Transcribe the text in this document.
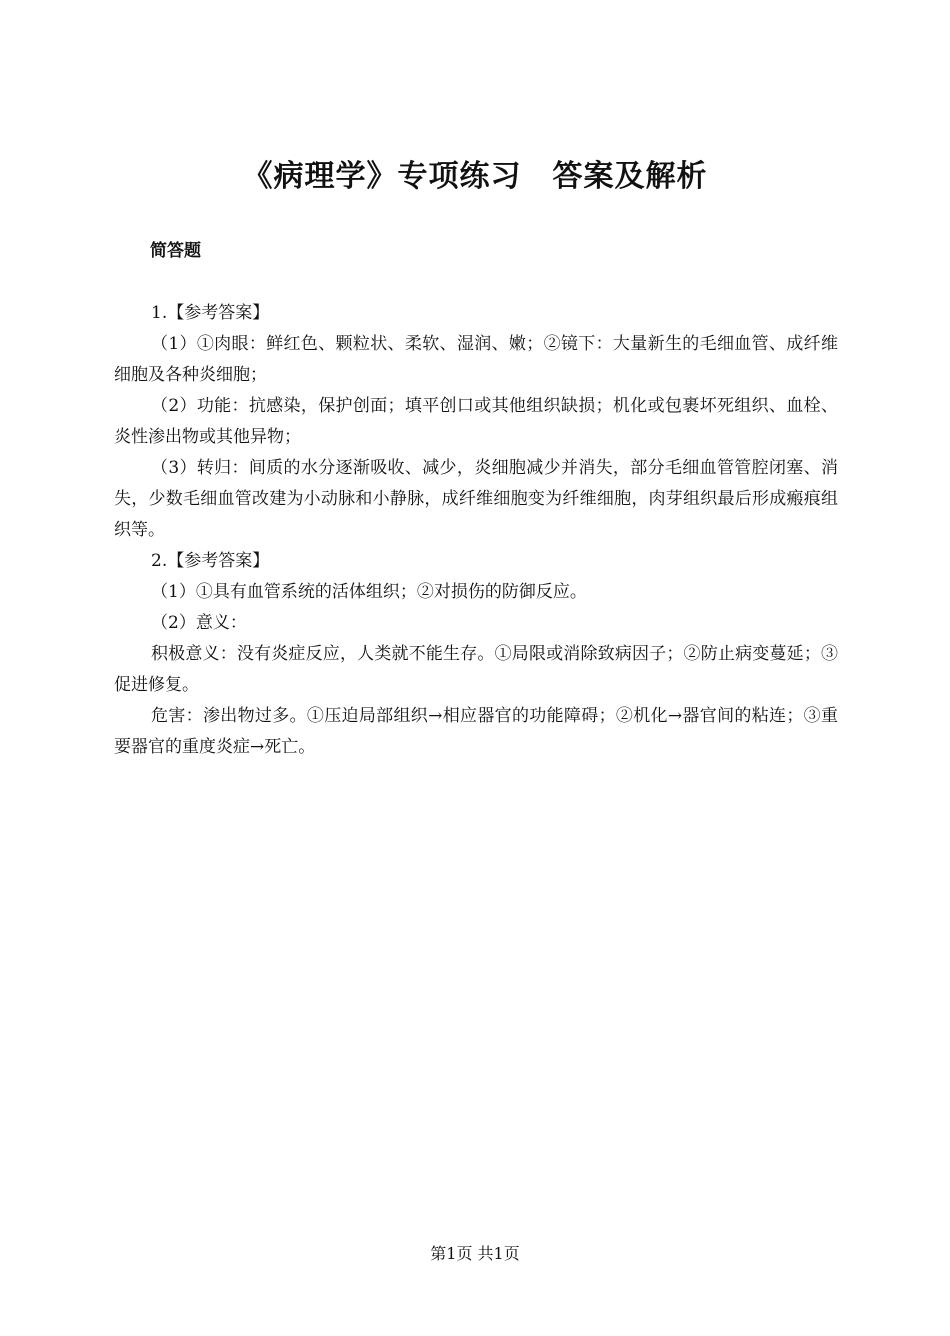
《病理学》专项练习　答案及解析
简答题

1.【参考答案】

（1）①肉眼：鲜红色、颗粒状、柔软、湿润、嫩；②镜下：大量新生的毛细血管、成纤维细胞及各种炎细胞；

（2）功能：抗感染，保护创面；填平创口或其他组织缺损；机化或包裹坏死组织、血栓、炎性渗出物或其他异物；

（3）转归：间质的水分逐渐吸收、减少，炎细胞减少并消失，部分毛细血管管腔闭塞、消失，少数毛细血管改建为小动脉和小静脉，成纤维细胞变为纤维细胞，肉芽组织最后形成瘢痕组织等。

2.【参考答案】

（1）①具有血管系统的活体组织；②对损伤的防御反应。

（2）意义：

积极意义：没有炎症反应，人类就不能生存。①局限或消除致病因子；②防止病变蔓延；③促进修复。

危害：渗出物过多。①压迫局部组织→相应器官的功能障碍；②机化→器官间的粘连；③重要器官的重度炎症→死亡。

第1页 共1页
